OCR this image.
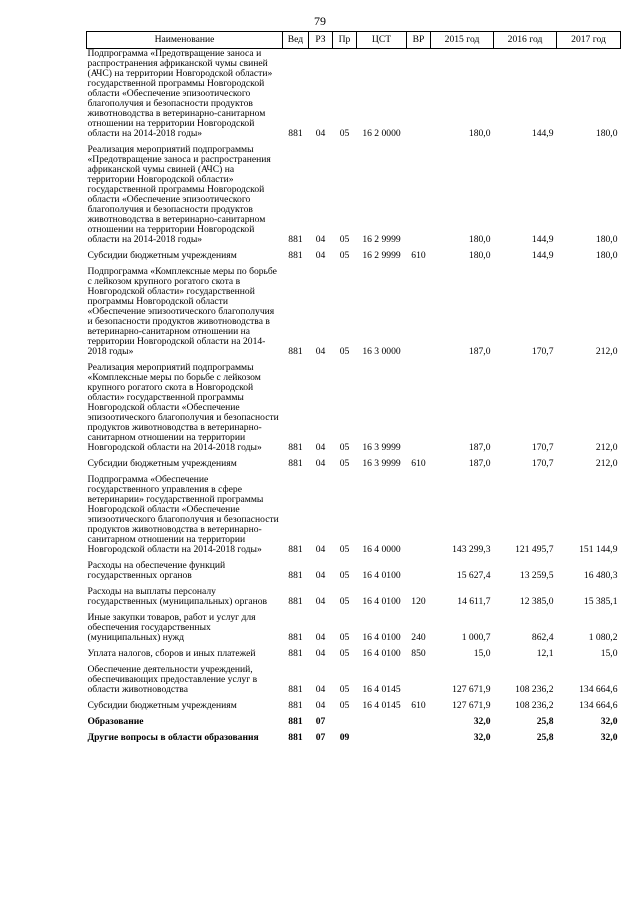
79
Наименование	Вед	РЗ	Пр	ЦСТ	ВР	2015 год	2016 год	2017 год
Подпрограмма «Предотвращение заноса и распространения африканской чумы свиней (АЧС) на территории Новгородской области» государственной программы Новгородской области «Обеспечение эпизоотического благополучия и безопасности продуктов животноводства в ветеринарно-санитарном отношении на территории Новгородской области на 2014-2018 годы»	881	04	05	16 2 0000		180,0	144,9	180,0
Реализация мероприятий подпрограммы «Предотвращение заноса и распространения африканской чумы свиней (АЧС) на территории Новгородской области» государственной программы Новгородской области «Обеспечение эпизоотического благополучия и безопасности продуктов животноводства в ветеринарно-санитарном отношении на территории Новгородской области на 2014-2018 годы»	881	04	05	16 2 9999		180,0	144,9	180,0
Субсидии бюджетным учреждениям	881	04	05	16 2 9999	610	180,0	144,9	180,0
Подпрограмма «Комплексные меры по борьбе с лейкозом крупного рогатого скота в Новгородской области» государственной программы Новгородской области «Обеспечение эпизоотического благополучия и безопасности продуктов животноводства в ветеринарно-санитарном отношении на территории Новгородской области на 2014-2018 годы»	881	04	05	16 3 0000		187,0	170,7	212,0
Реализация мероприятий подпрограммы «Комплексные меры по борьбе с лейкозом крупного рогатого скота в Новгородской области» государственной программы Новгородской области «Обеспечение эпизоотического благополучия и безопасности продуктов животноводства в ветеринарно-санитарном отношении на территории Новгородской области на 2014-2018 годы»	881	04	05	16 3 9999		187,0	170,7	212,0
Субсидии бюджетным учреждениям	881	04	05	16 3 9999	610	187,0	170,7	212,0
Подпрограмма «Обеспечение государственного управления в сфере ветеринарии» государственной программы Новгородской области «Обеспечение эпизоотического благополучия и безопасности продуктов животноводства в ветеринарно-санитарном отношении на территории Новгородской области на 2014-2018 годы»	881	04	05	16 4 0000		143 299,3	121 495,7	151 144,9
Расходы на обеспечение функций государственных органов	881	04	05	16 4 0100		15 627,4	13 259,5	16 480,3
Расходы на выплаты персоналу государственных (муниципальных) органов	881	04	05	16 4 0100	120	14 611,7	12 385,0	15 385,1
Иные закупки товаров, работ и услуг для обеспечения государственных (муниципальных) нужд	881	04	05	16 4 0100	240	1 000,7	862,4	1 080,2
Уплата налогов, сборов и иных платежей	881	04	05	16 4 0100	850	15,0	12,1	15,0
Обеспечение деятельности учреждений, обеспечивающих предоставление услуг в области животноводства	881	04	05	16 4 0145		127 671,9	108 236,2	134 664,6
Субсидии бюджетным учреждениям	881	04	05	16 4 0145	610	127 671,9	108 236,2	134 664,6
Образование	881	07				32,0	25,8	32,0
Другие вопросы в области образования	881	07	09			32,0	25,8	32,0
